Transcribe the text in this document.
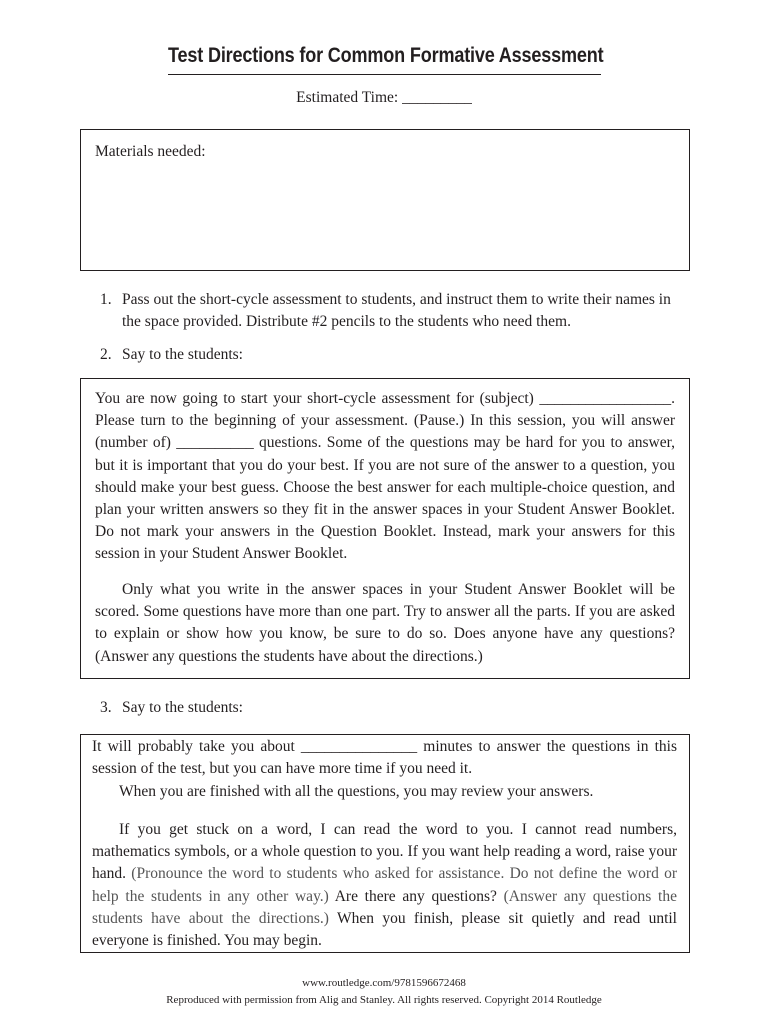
Test Directions for Common Formative Assessment
Estimated Time: _________
Materials needed:
1. Pass out the short-cycle assessment to students, and instruct them to write their names in the space provided. Distribute #2 pencils to the students who need them.
2. Say to the students:
You are now going to start your short-cycle assessment for (subject) _________________. Please turn to the beginning of your assessment. (Pause.) In this session, you will answer (number of) __________ questions. Some of the questions may be hard for you to answer, but it is important that you do your best. If you are not sure of the answer to a question, you should make your best guess. Choose the best answer for each multiple-choice question, and plan your written answers so they fit in the answer spaces in your Student Answer Booklet. Do not mark your answers in the Question Booklet. Instead, mark your answers for this session in your Student Answer Booklet.
Only what you write in the answer spaces in your Student Answer Booklet will be scored. Some questions have more than one part. Try to answer all the parts. If you are asked to explain or show how you know, be sure to do so. Does anyone have any questions? (Answer any questions the students have about the directions.)
3. Say to the students:
It will probably take you about _______________ minutes to answer the questions in this session of the test, but you can have more time if you need it.
When you are finished with all the questions, you may review your answers.
If you get stuck on a word, I can read the word to you. I cannot read numbers, mathematics symbols, or a whole question to you. If you want help reading a word, raise your hand. (Pronounce the word to students who asked for assistance. Do not define the word or help the students in any other way.) Are there any questions? (Answer any questions the students have about the directions.) When you finish, please sit quietly and read until everyone is finished. You may begin.
www.routledge.com/9781596672468
Reproduced with permission from Alig and Stanley. All rights reserved. Copyright 2014 Routledge
